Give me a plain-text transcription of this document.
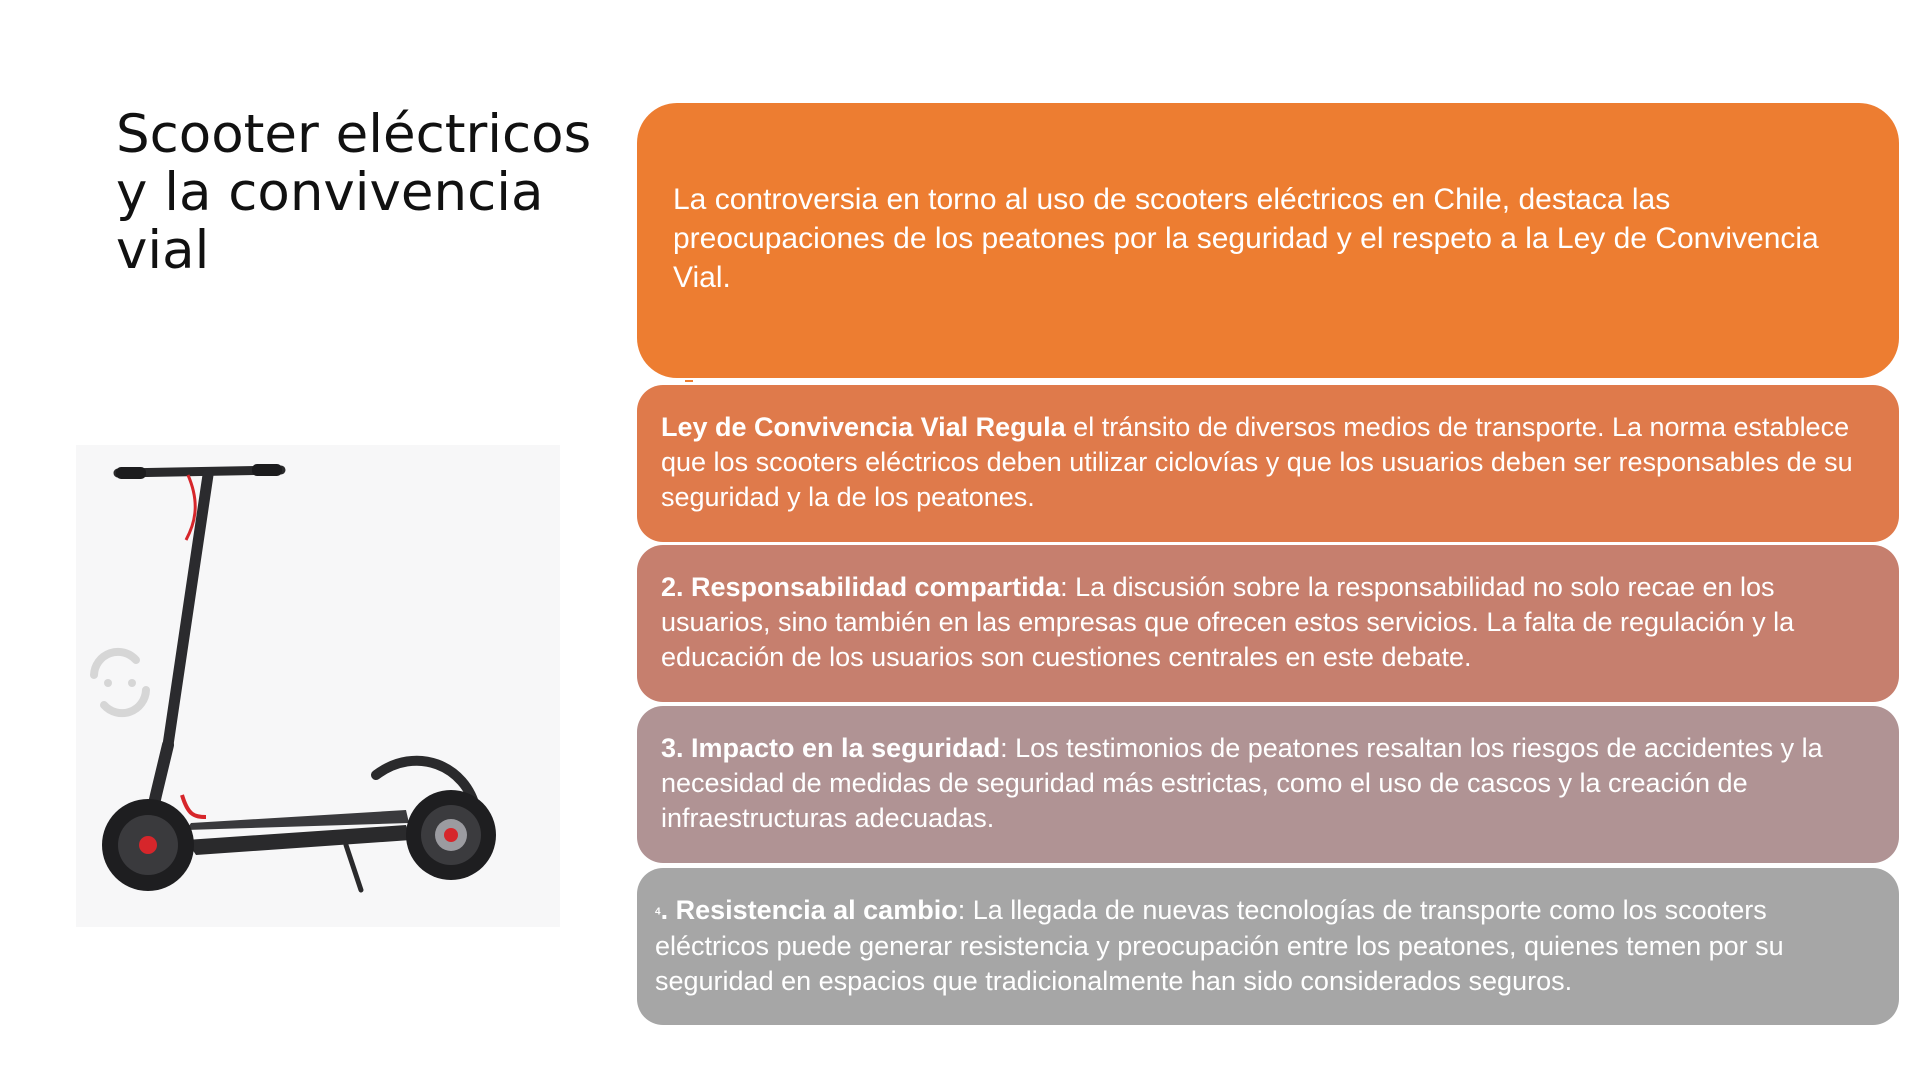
Scooter eléctricos y la convivencia vial
La controversia en torno al uso de scooters eléctricos en Chile, destaca las preocupaciones de los peatones por la seguridad y el respeto a la Ley de Convivencia Vial.
Ley de Convivencia Vial Regula el tránsito de diversos medios de transporte. La norma establece que los scooters eléctricos deben utilizar ciclovías y que los usuarios deben ser responsables de su seguridad y la de los peatones.
2. Responsabilidad compartida: La discusión sobre la responsabilidad no solo recae en los usuarios, sino también en las empresas que ofrecen estos servicios. La falta de regulación y la educación de los usuarios son cuestiones centrales en este debate.
3. Impacto en la seguridad: Los testimonios de peatones resaltan los riesgos de accidentes y la necesidad de medidas de seguridad más estrictas, como el uso de cascos y la creación de infraestructuras adecuadas.
4. Resistencia al cambio: La llegada de nuevas tecnologías de transporte como los scooters eléctricos puede generar resistencia y preocupación entre los peatones, quienes temen por su seguridad en espacios que tradicionalmente han sido considerados seguros.
